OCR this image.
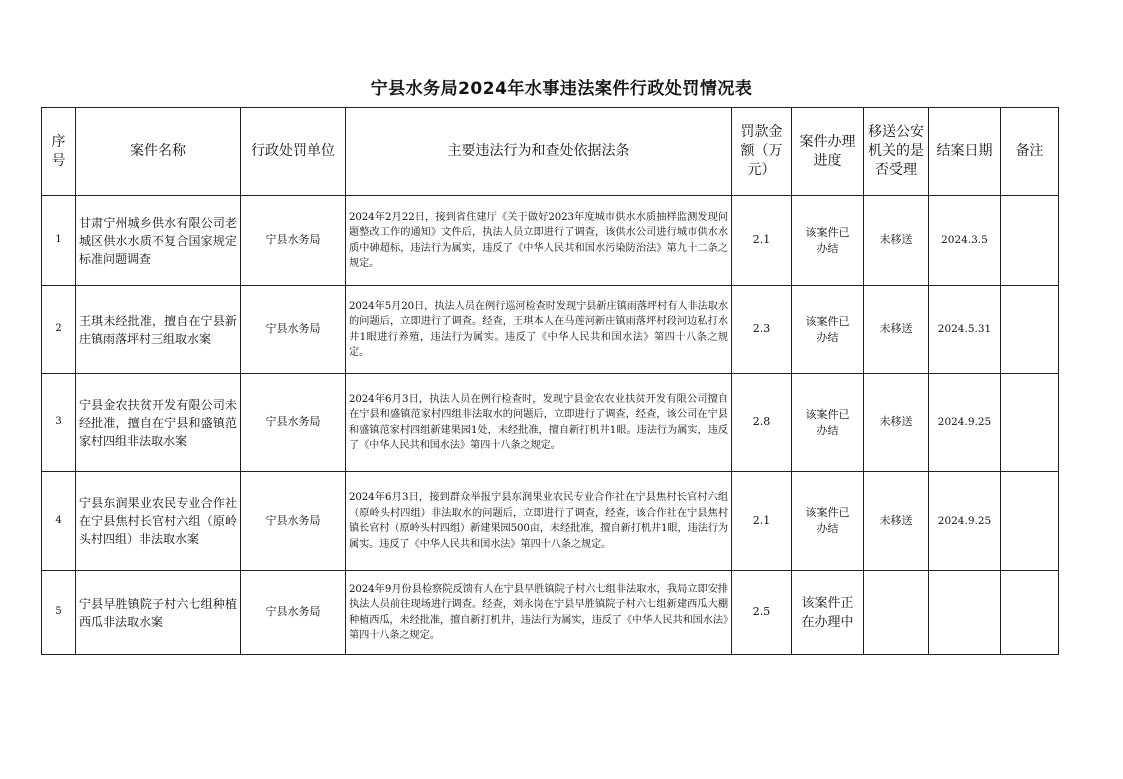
宁县水务局2024年水事违法案件行政处罚情况表
序号	案件名称	行政处罚单位	主要违法行为和查处依据法条	罚款金额（万元）	案件办理进度	移送公安机关的是否受理	结案日期	备注
1	甘肃宁州城乡供水有限公司老城区供水水质不复合国家规定标准问题调查	宁县水务局	2024年2月22日，接到省住建厅《关于做好2023年度城市供水水质抽样监测发现问题整改工作的通知》文件后，执法人员立即进行了调查，该供水公司进行城市供水水质中砷超标，违法行为属实，违反了《中华人民共和国水污染防治法》第九十二条之规定。	2.1	该案件已办结	未移送	2024.3.5	
2	王琪未经批准，擅自在宁县新庄镇雨落坪村三组取水案	宁县水务局	2024年5月20日，执法人员在例行巡河检查时发现宁县新庄镇雨落坪村有人非法取水的问题后，立即进行了调查。经查，王琪本人在马莲河新庄镇雨落坪村段河边私打水井1眼进行养殖，违法行为属实。违反了《中华人民共和国水法》第四十八条之规定。	2.3	该案件已办结	未移送	2024.5.31	
3	宁县金农扶贫开发有限公司未经批准，擅自在宁县和盛镇范家村四组非法取水案	宁县水务局	2024年6月3日，执法人员在例行检查时，发现宁县金农农业扶贫开发有限公司擅自在宁县和盛镇范家村四组非法取水的问题后，立即进行了调查，经查，该公司在宁县和盛镇范家村四组新建果园1处，未经批准，擅自新打机井1眼。违法行为属实，违反了《中华人民共和国水法》第四十八条之规定。	2.8	该案件已办结	未移送	2024.9.25	
4	宁县东润果业农民专业合作社在宁县焦村长官村六组（原岭头村四组）非法取水案	宁县水务局	2024年6月3日，接到群众举报宁县东润果业农民专业合作社在宁县焦村长官村六组（原岭头村四组）非法取水的问题后，立即进行了调查，经查，该合作社在宁县焦村镇长官村（原岭头村四组）新建果园500亩，未经批准，擅自新打机井1眼，违法行为属实。违反了《中华人民共和国水法》第四十八条之规定。	2.1	该案件已办结	未移送	2024.9.25	
5	宁县早胜镇院子村六七组种植西瓜非法取水案	宁县水务局	2024年9月份县检察院反馈有人在宁县早胜镇院子村六七组非法取水，我局立即安排执法人员前往现场进行调查。经查，刘永岗在宁县早胜镇院子村六七组新建西瓜大棚种植西瓜，未经批准，擅自新打机井，违法行为属实，违反了《中华人民共和国水法》第四十八条之规定。	2.5	该案件正在办理中			
